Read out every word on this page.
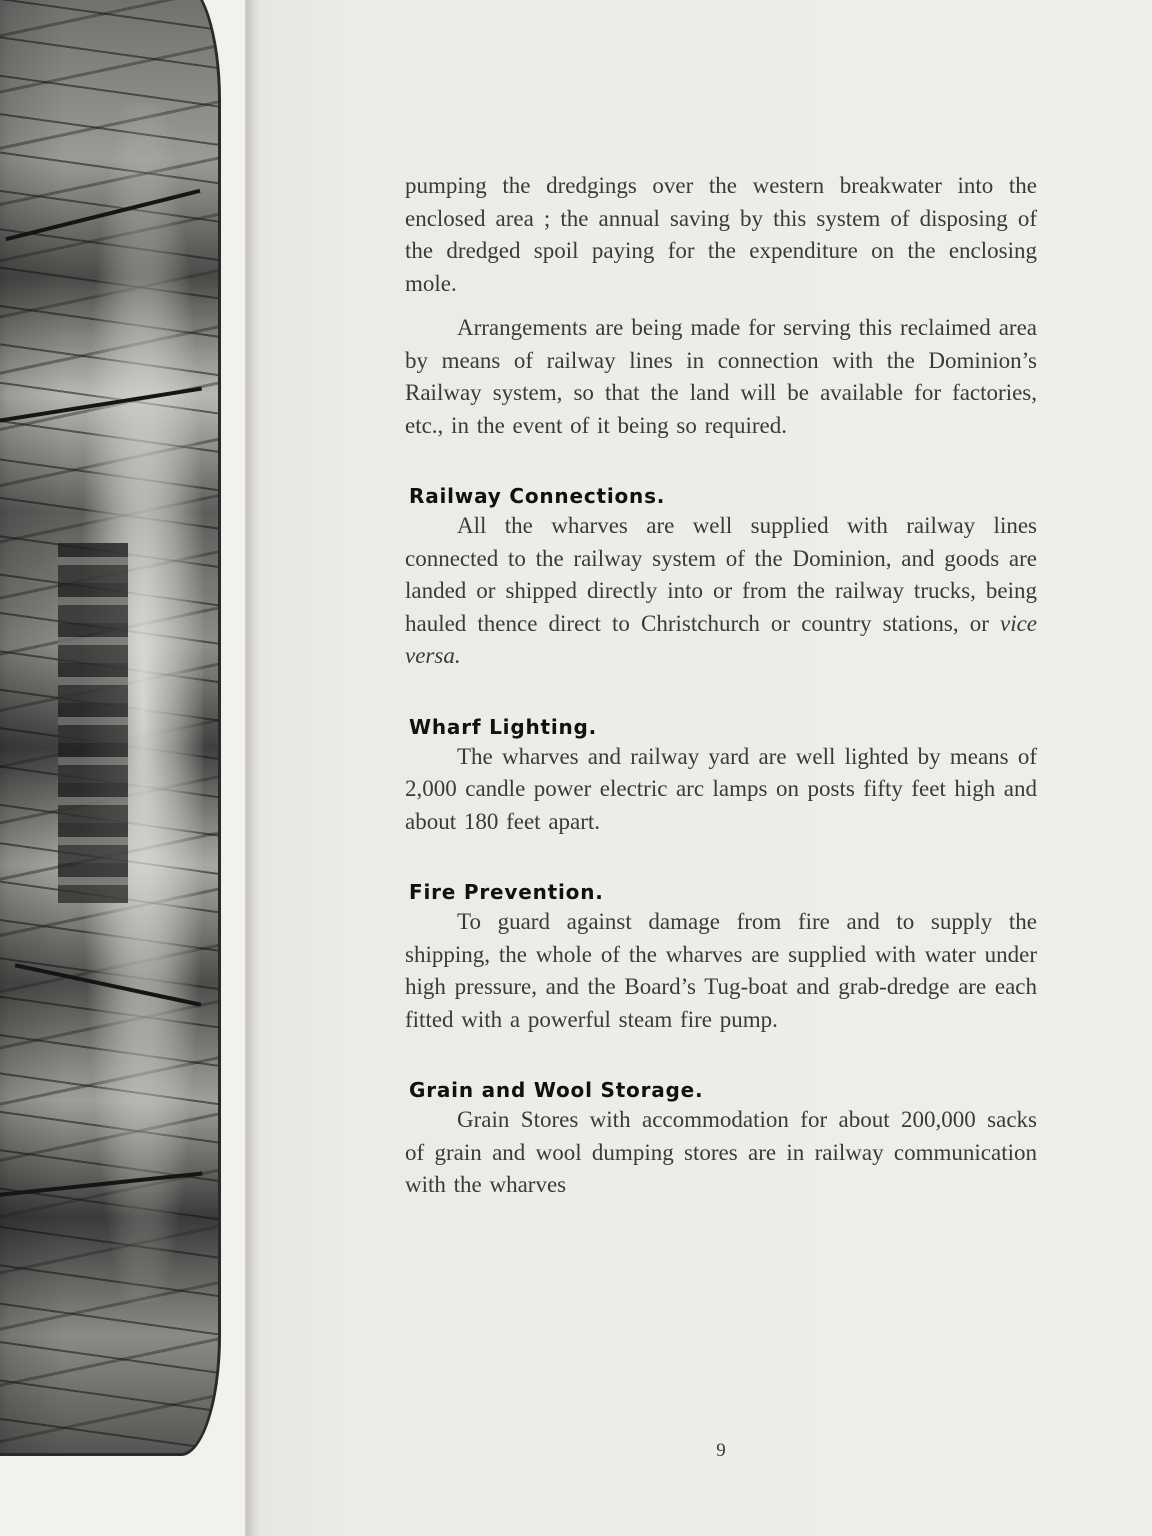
pumping the dredgings over the western breakwater into the enclosed area ; the annual saving by this system of disposing of the dredged spoil paying for the expenditure on the enclosing mole.

Arrangements are being made for serving this reclaimed area by means of railway lines in connection with the Dominion’s Railway system, so that the land will be available for factories, etc., in the event of it being so required.

Railway Connections.

All the wharves are well supplied with railway lines connected to the railway system of the Dominion, and goods are landed or shipped directly into or from the railway trucks, being hauled thence direct to Christchurch or country stations, or vice versa.

Wharf Lighting.

The wharves and railway yard are well lighted by means of 2,000 candle power electric arc lamps on posts fifty feet high and about 180 feet apart.

Fire Prevention.

To guard against damage from fire and to supply the shipping, the whole of the wharves are supplied with water under high pressure, and the Board’s Tug-boat and grab-dredge are each fitted with a powerful steam fire pump.

Grain and Wool Storage.

Grain Stores with accommodation for about 200,000 sacks of grain and wool dumping stores are in railway communication with the wharves

9
